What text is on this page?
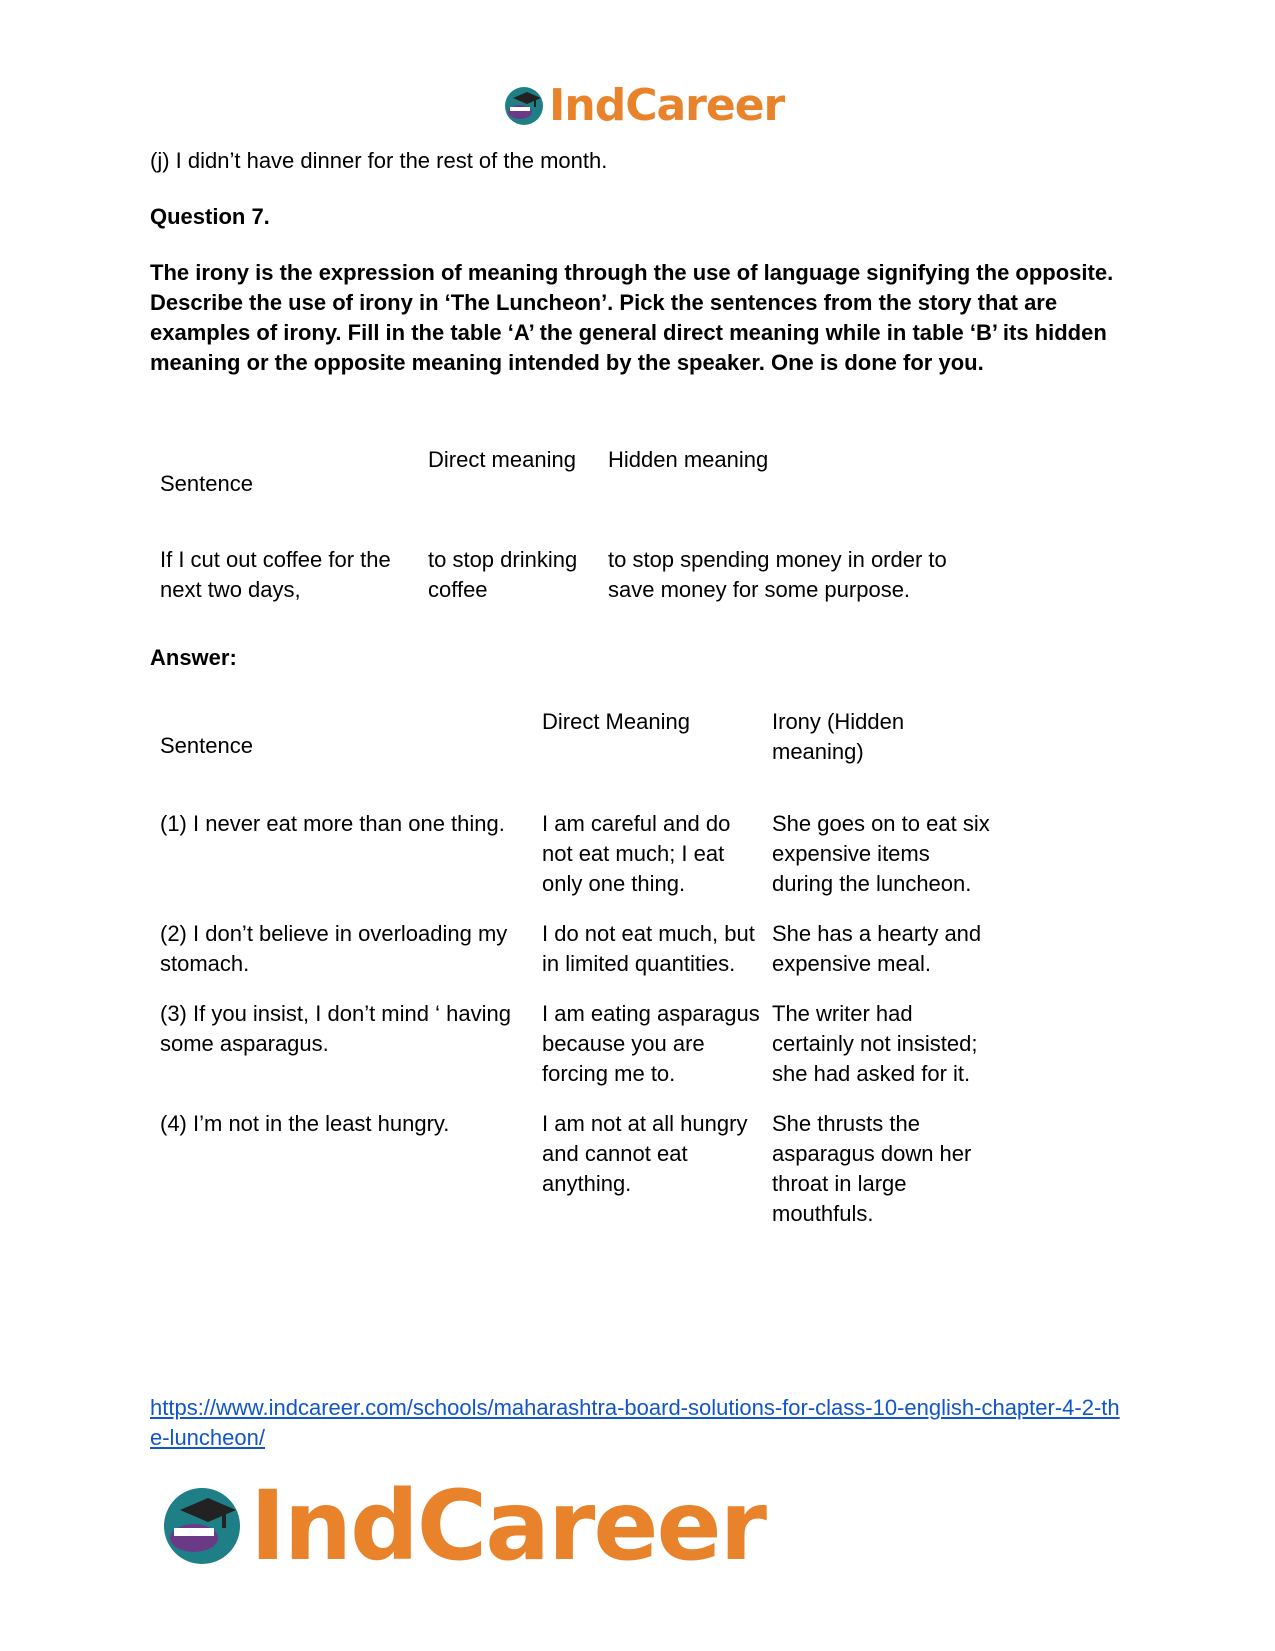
IndCareer

(j) I didn’t have dinner for the rest of the month.

Question 7.

The irony is the expression of meaning through the use of language signifying the opposite. Describe the use of irony in ‘The Luncheon’. Pick the sentences from the story that are examples of irony. Fill in the table ‘A’ the general direct meaning while in table ‘B’ its hidden meaning or the opposite meaning intended by the speaker. One is done for you.

Sentence	Direct meaning	Hidden meaning
If I cut out coffee for the next two days,	to stop drinking coffee	to stop spending money in order to save money for some purpose.

Answer:

Sentence	Direct Meaning	Irony (Hidden meaning)
(1) I never eat more than one thing.	I am careful and do not eat much; I eat only one thing.	She goes on to eat six expensive items during the luncheon.
(2) I don’t believe in overloading my stomach.	I do not eat much, but in limited quantities.	She has a hearty and expensive meal.
(3) If you insist, I don’t mind ‘ having some asparagus.	I am eating asparagus because you are forcing me to.	The writer had certainly not insisted; she had asked for it.
(4) I’m not in the least hungry.	I am not at all hungry and cannot eat anything.	She thrusts the asparagus down her throat in large mouthfuls.
https://www.indcareer.com/schools/maharashtra-board-solutions-for-class-10-english-chapter-4-2-the-luncheon/
IndCareer
